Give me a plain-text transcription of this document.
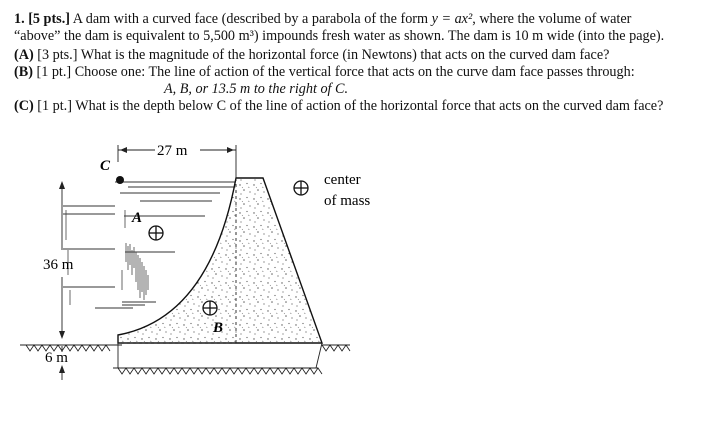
1. [5 pts.] A dam with a curved face (described by a parabola of the form y = ax², where the volume of water
“above” the dam is equivalent to 5,500 m³) impounds fresh water as shown. The dam is 10 m wide (into the page).

(A) [3 pts.] What is the magnitude of the horizontal force (in Newtons) that acts on the curved dam face?

(B) [1 pt.] Choose one: The line of action of the vertical force that acts on the curve dam face passes through:

A, B, or 13.5 m to the right of C.

(C) [1 pt.] What is the depth below C of the line of action of the horizontal force that acts on the curved dam face?

27 m
36 m
6 m
C
A
B
center
of mass
